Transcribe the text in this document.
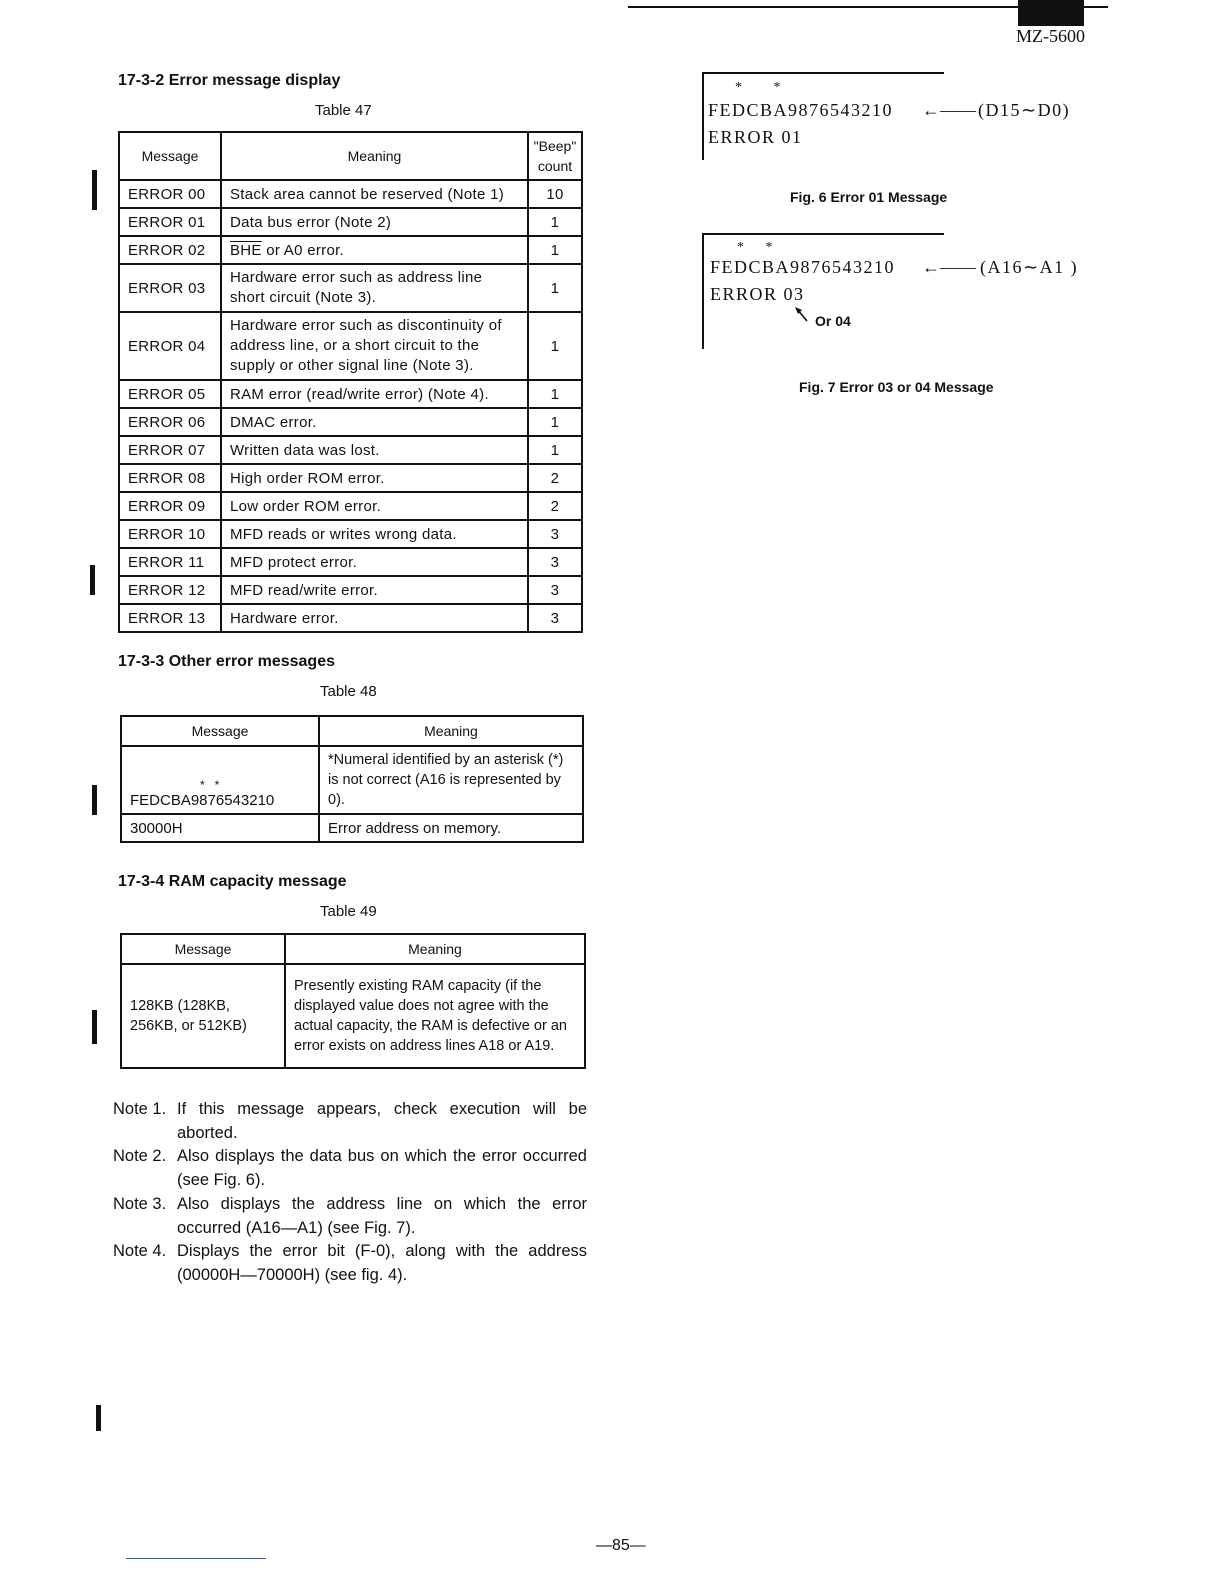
MZ-5600
17-3-2 Error message display
Table 47
Message	Meaning	"Beep"
count
ERROR 00	Stack area cannot be reserved (Note 1)	10
ERROR 01	Data bus error (Note 2)	1
ERROR 02	$\overline{BHE}$ or A0 error.	1
ERROR 03	Hardware error such as address line short circuit (Note 3).	1
ERROR 04	Hardware error such as discontinuity of address line, or a short circuit to the supply or other signal line (Note 3).	1
ERROR 05	RAM error (read/write error) (Note 4).	1
ERROR 06	DMAC error.	1
ERROR 07	Written data was lost.	1
ERROR 08	High order ROM error.	2
ERROR 09	Low order ROM error.	2
ERROR 10	MFD reads or writes wrong data.	3
ERROR 11	MFD protect error.	3
ERROR 12	MFD read/write error.	3
ERROR 13	Hardware error.	3
17-3-3 Other error messages
Table 48
Message	Meaning

*   *
FEDCBA9876543210	*Numeral identified by an asterisk (*) is not correct (A16 is represented by 0).
30000H	Error address on memory.
17-3-4 RAM capacity message
Table 49
Message	Meaning
128KB (128KB, 256KB, or 512KB)	Presently existing RAM capacity (if the displayed value does not agree with the actual capacity, the RAM is defective or an error exists on address lines A18 or A19.
Note 1. If this message appears, check execution will be aborted.
Note 2. Also displays the data bus on which the error occurred (see Fig. 6).
Note 3. Also displays the address line on which the error occurred (A16—A1) (see Fig. 7).
Note 4. Displays the error bit (F-0), along with the address (00000H—70000H) (see fig. 4).
*      *
FEDCBA9876543210 ←—— (D15∼D0)
ERROR 01
Fig. 6 Error 01 Message
*    *
FEDCBA9876543210 ←—— (A16∼A1 )
ERROR 03
Or 04
Fig. 7 Error 03 or 04 Message
—85—
